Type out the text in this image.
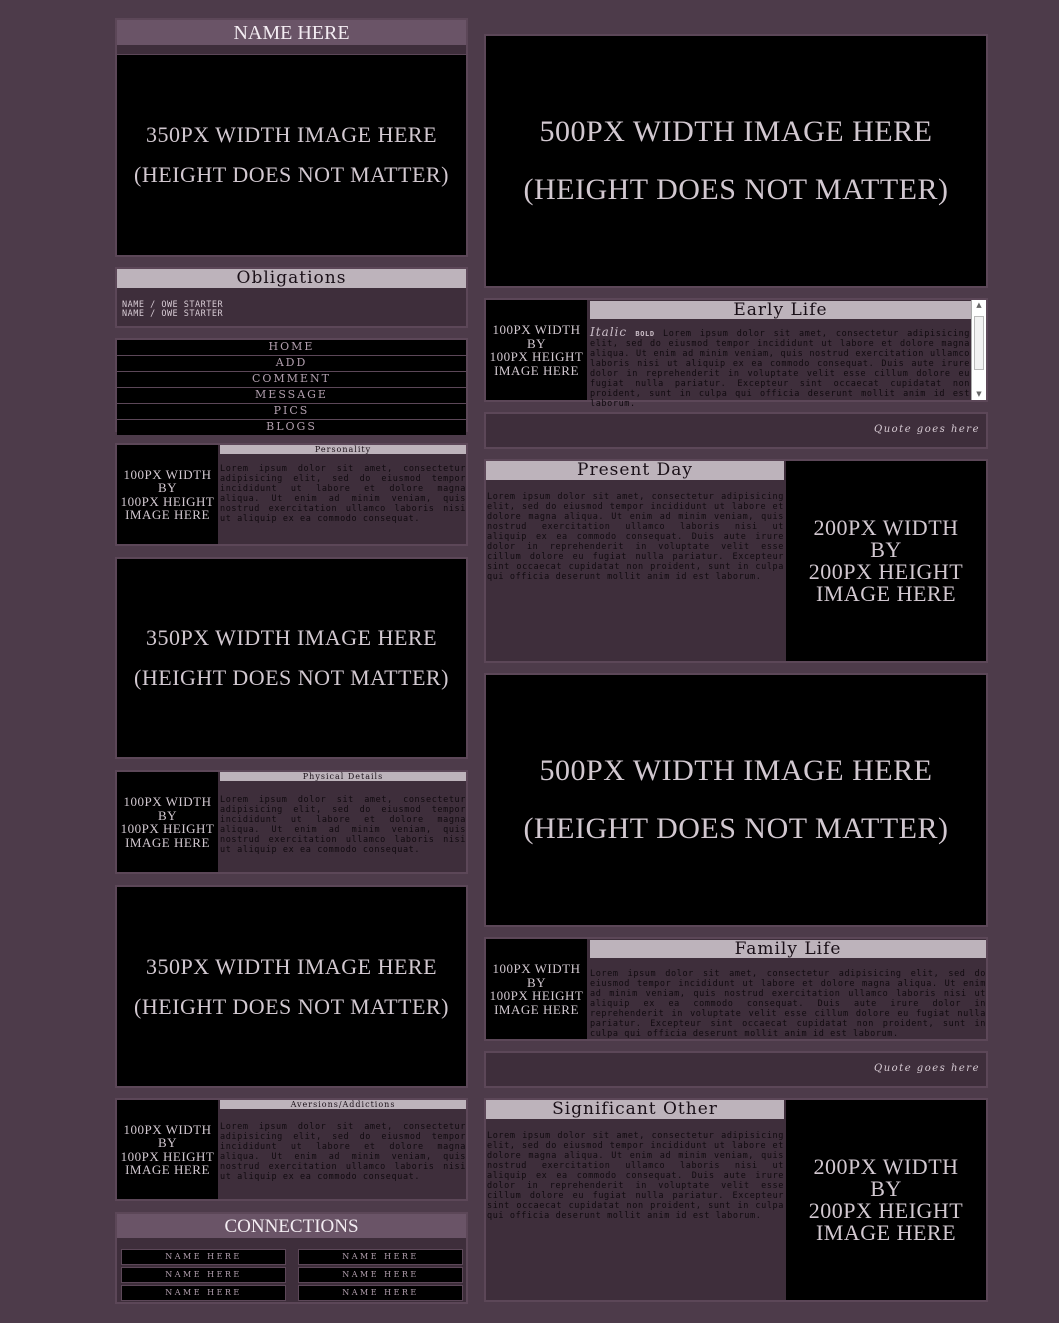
NAME HERE
350PX WIDTH IMAGE HERE
(HEIGHT DOES NOT MATTER)
Obligations
NAME / OWE STARTER
NAME / OWE STARTER
HOME
ADD
COMMENT
MESSAGE
PICS
BLOGS
100PX WIDTH
BY
100PX HEIGHT
IMAGE HERE
Personality
Lorem ipsum dolor sit amet, consectetur adipisicing elit, sed do eiusmod tempor incididunt ut labore et dolore magna aliqua. Ut enim ad minim veniam, quis nostrud exercitation ullamco laboris nisi ut aliquip ex ea commodo consequat.
350PX WIDTH IMAGE HERE
(HEIGHT DOES NOT MATTER)
100PX WIDTH
BY
100PX HEIGHT
IMAGE HERE
Physical Details
Lorem ipsum dolor sit amet, consectetur adipisicing elit, sed do eiusmod tempor incididunt ut labore et dolore magna aliqua. Ut enim ad minim veniam, quis nostrud exercitation ullamco laboris nisi ut aliquip ex ea commodo consequat.
350PX WIDTH IMAGE HERE
(HEIGHT DOES NOT MATTER)
100PX WIDTH
BY
100PX HEIGHT
IMAGE HERE
Aversions/Addictions
Lorem ipsum dolor sit amet, consectetur adipisicing elit, sed do eiusmod tempor incididunt ut labore et dolore magna aliqua. Ut enim ad minim veniam, quis nostrud exercitation ullamco laboris nisi ut aliquip ex ea commodo consequat.
CONNECTIONS
NAME HERE	NAME HERE
NAME HERE	NAME HERE
NAME HERE	NAME HERE
500PX WIDTH IMAGE HERE
(HEIGHT DOES NOT MATTER)
100PX WIDTH
BY
100PX HEIGHT
IMAGE HERE
Early Life
Italic BOLD Lorem ipsum dolor sit amet, consectetur adipisicing elit, sed do eiusmod tempor incididunt ut labore et dolore magna aliqua. Ut enim ad minim veniam, quis nostrud exercitation ullamco laboris nisi ut aliquip ex ea commodo consequat. Duis aute irure dolor in reprehenderit in voluptate velit esse cillum dolore eu fugiat nulla pariatur. Excepteur sint occaecat cupidatat non proident, sunt in culpa qui officia deserunt mollit anim id est laborum.
▲
▼
Quote goes here
Present Day
Lorem ipsum dolor sit amet, consectetur adipisicing elit, sed do eiusmod tempor incididunt ut labore et dolore magna aliqua. Ut enim ad minim veniam, quis nostrud exercitation ullamco laboris nisi ut aliquip ex ea commodo consequat. Duis aute irure dolor in reprehenderit in voluptate velit esse cillum dolore eu fugiat nulla pariatur. Excepteur sint occaecat cupidatat non proident, sunt in culpa qui officia deserunt mollit anim id est laborum.
200PX WIDTH
BY
200PX HEIGHT
IMAGE HERE
500PX WIDTH IMAGE HERE
(HEIGHT DOES NOT MATTER)
100PX WIDTH
BY
100PX HEIGHT
IMAGE HERE
Family Life
Lorem ipsum dolor sit amet, consectetur adipisicing elit, sed do eiusmod tempor incididunt ut labore et dolore magna aliqua. Ut enim ad minim veniam, quis nostrud exercitation ullamco laboris nisi ut aliquip ex ea commodo consequat. Duis aute irure dolor in reprehenderit in voluptate velit esse cillum dolore eu fugiat nulla pariatur. Excepteur sint occaecat cupidatat non proident, sunt in culpa qui officia deserunt mollit anim id est laborum.
Quote goes here
Significant Other
Lorem ipsum dolor sit amet, consectetur adipisicing elit, sed do eiusmod tempor incididunt ut labore et dolore magna aliqua. Ut enim ad minim veniam, quis nostrud exercitation ullamco laboris nisi ut aliquip ex ea commodo consequat. Duis aute irure dolor in reprehenderit in voluptate velit esse cillum dolore eu fugiat nulla pariatur. Excepteur sint occaecat cupidatat non proident, sunt in culpa qui officia deserunt mollit anim id est laborum.
200PX WIDTH
BY
200PX HEIGHT
IMAGE HERE
